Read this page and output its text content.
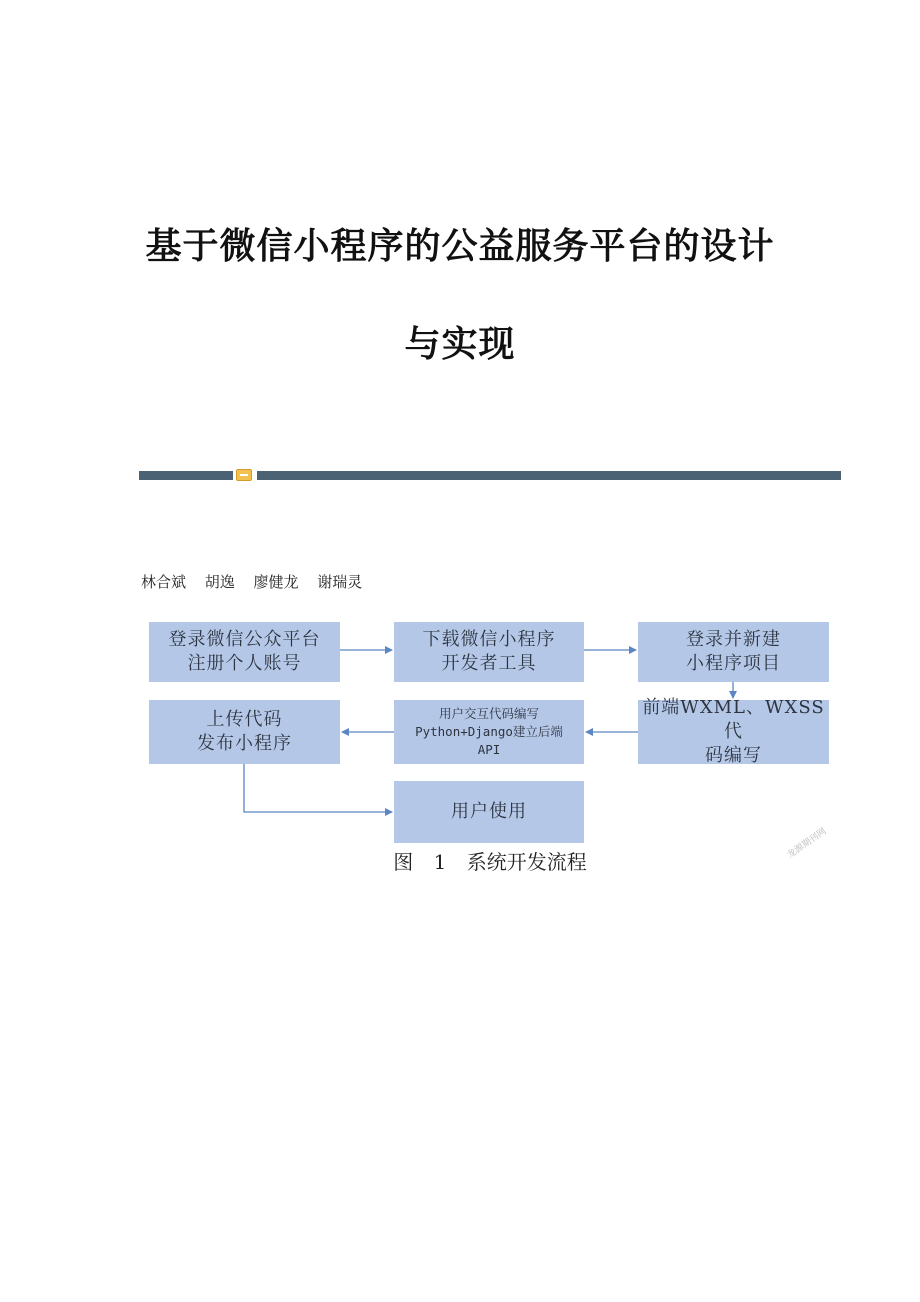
基于微信小程序的公益服务平台的设计
与实现
林合斌 胡逸 廖健龙 谢瑞灵
登录微信公众平台
注册个人账号
下载微信小程序
开发者工具
登录并新建
小程序项目
前端WXML、WXSS代
码编写
用户交互代码编写
Python+Django建立后端
API
上传代码
发布小程序
用户使用
图 1 系统开发流程
龙源期刊网
